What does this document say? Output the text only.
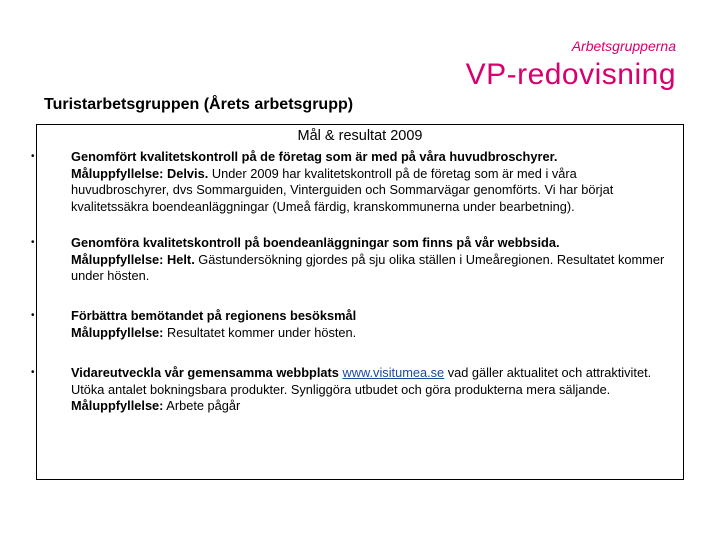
Arbetsgrupperna
VP-redovisning
Turistarbetsgruppen (Årets arbetsgrupp)
Mål & resultat 2009
•	Genomfört kvalitetskontroll på de företag som är med på våra huvudbroschyrer.
Måluppfyllelse: Delvis. Under 2009 har kvalitetskontroll på de företag som är med i våra huvudbroschyrer, dvs Sommarguiden, Vinterguiden och Sommarvägar genomförts. Vi har börjat kvalitetssäkra boendeanläggningar (Umeå färdig, kranskommunerna under bearbetning).
•	Genomföra kvalitetskontroll på boendeanläggningar som finns på vår webbsida.
Måluppfyllelse: Helt. Gästundersökning gjordes på sju olika ställen i Umeåregionen. Resultatet kommer under hösten.
•	Förbättra bemötandet på regionens besöksmål
Måluppfyllelse: Resultatet kommer under hösten.
•	Vidareutveckla vår gemensamma webbplats www.visitumea.se vad gäller aktualitet och attraktivitet. Utöka antalet bokningsbara produkter. Synliggöra utbudet och göra produkterna mera säljande.
Måluppfyllelse: Arbete pågår
